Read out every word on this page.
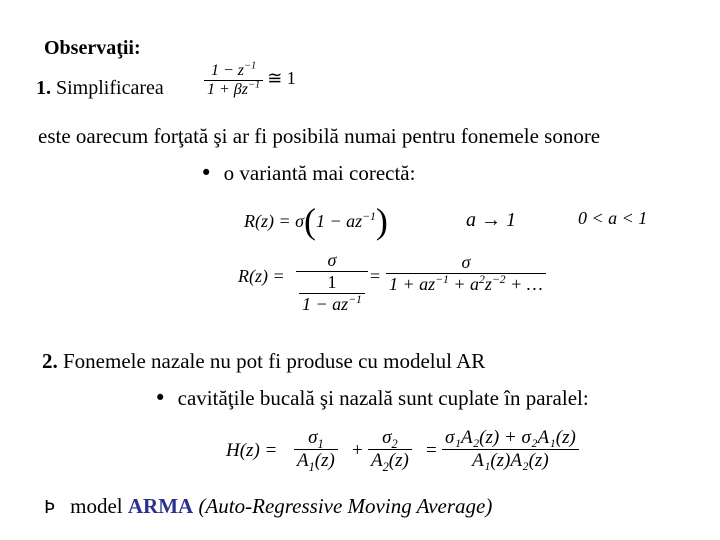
Observaţii:
1. Simplificarea	$\frac{1 - z^{-1}}{1 + \beta z^{-1}}$ ≅ 1
este oarecum forţată şi ar fi posibilă numai pentru fonemele sonore
• o variantă mai corectă:
$R(z) = \sigma(1 - az^{-1})$	a → 1	0 < a < 1
$R(z) = \frac{\sigma}{\frac{1}{1 - az^{-1}}} = \frac{\sigma}{1 + az^{-1} + a^2z^{-2} + \dots}$
2. Fonemele nazale nu pot fi produse cu modelul AR
• cavităţile bucală şi nazală sunt cuplate în paralel:
$H(z) = \frac{\sigma_1}{A_1(z)} + \frac{\sigma_2}{A_2(z)} = \frac{\text{σ₁A₂(z) + σ₂A₁(z)}}{\text{A₁(z)A₂(z)}}$
Þ model ARMA (Auto-Regressive Moving Average)
